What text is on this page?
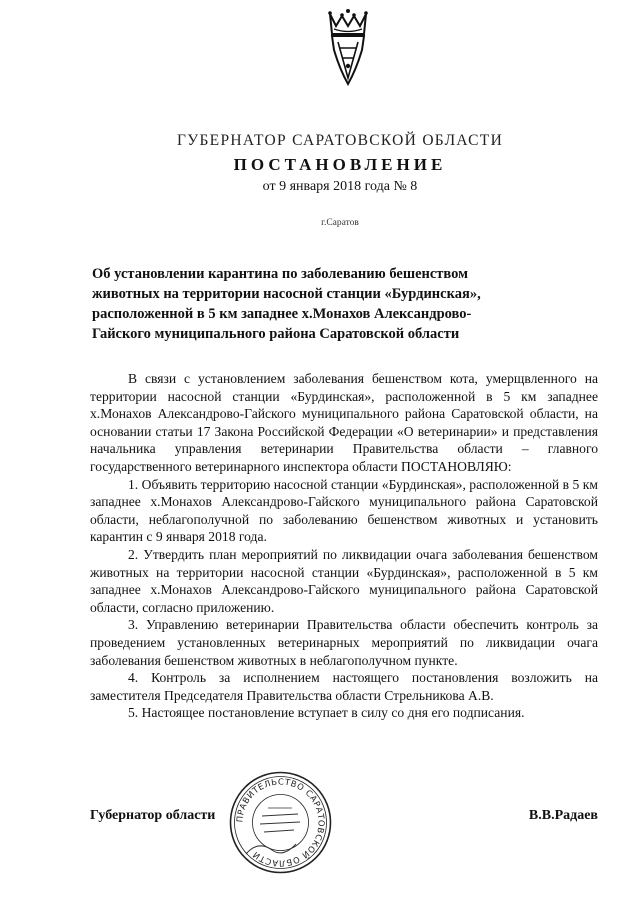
ГУБЕРНАТОР САРАТОВСКОЙ ОБЛАСТИ
ПОСТАНОВЛЕНИЕ
от 9 января 2018 года № 8
г.Саратов
Об установлении карантина по заболеванию бешенством животных на территории насосной станции «Бурдинская», расположенной в 5 км западнее х.Монахов Александрово-Гайского муниципального района Саратовской области

В связи с установлением заболевания бешенством кота, умерщвленного на территории насосной станции «Бурдинская», расположенной в 5 км западнее х.Монахов Александрово-Гайского муниципального района Саратовской области, на основании статьи 17 Закона Российской Федерации «О ветеринарии» и представления начальника управления ветеринарии Правительства области – главного государственного ветеринарного инспектора области ПОСТАНОВЛЯЮ:

1. Объявить территорию насосной станции «Бурдинская», расположенной в 5 км западнее х.Монахов Александрово-Гайского муниципального района Саратовской области, неблагополучной по заболеванию бешенством животных и установить карантин с 9 января 2018 года.

2. Утвердить план мероприятий по ликвидации очага заболевания бешенством животных на территории насосной станции «Бурдинская», расположенной в 5 км западнее х.Монахов Александрово-Гайского муниципального района Саратовской области, согласно приложению.

3. Управлению ветеринарии Правительства области обеспечить контроль за проведением установленных ветеринарных мероприятий по ликвидации очага заболевания бешенством животных в неблагополучном пункте.

4. Контроль за исполнением настоящего постановления возложить на заместителя Председателя Правительства области Стрельникова А.В.

5. Настоящее постановление вступает в силу со дня его подписания.

Губернатор области	В.В.Радаев
ПРАВИТЕЛЬСТВО САРАТОВСКОЙ ОБЛАСТИ
